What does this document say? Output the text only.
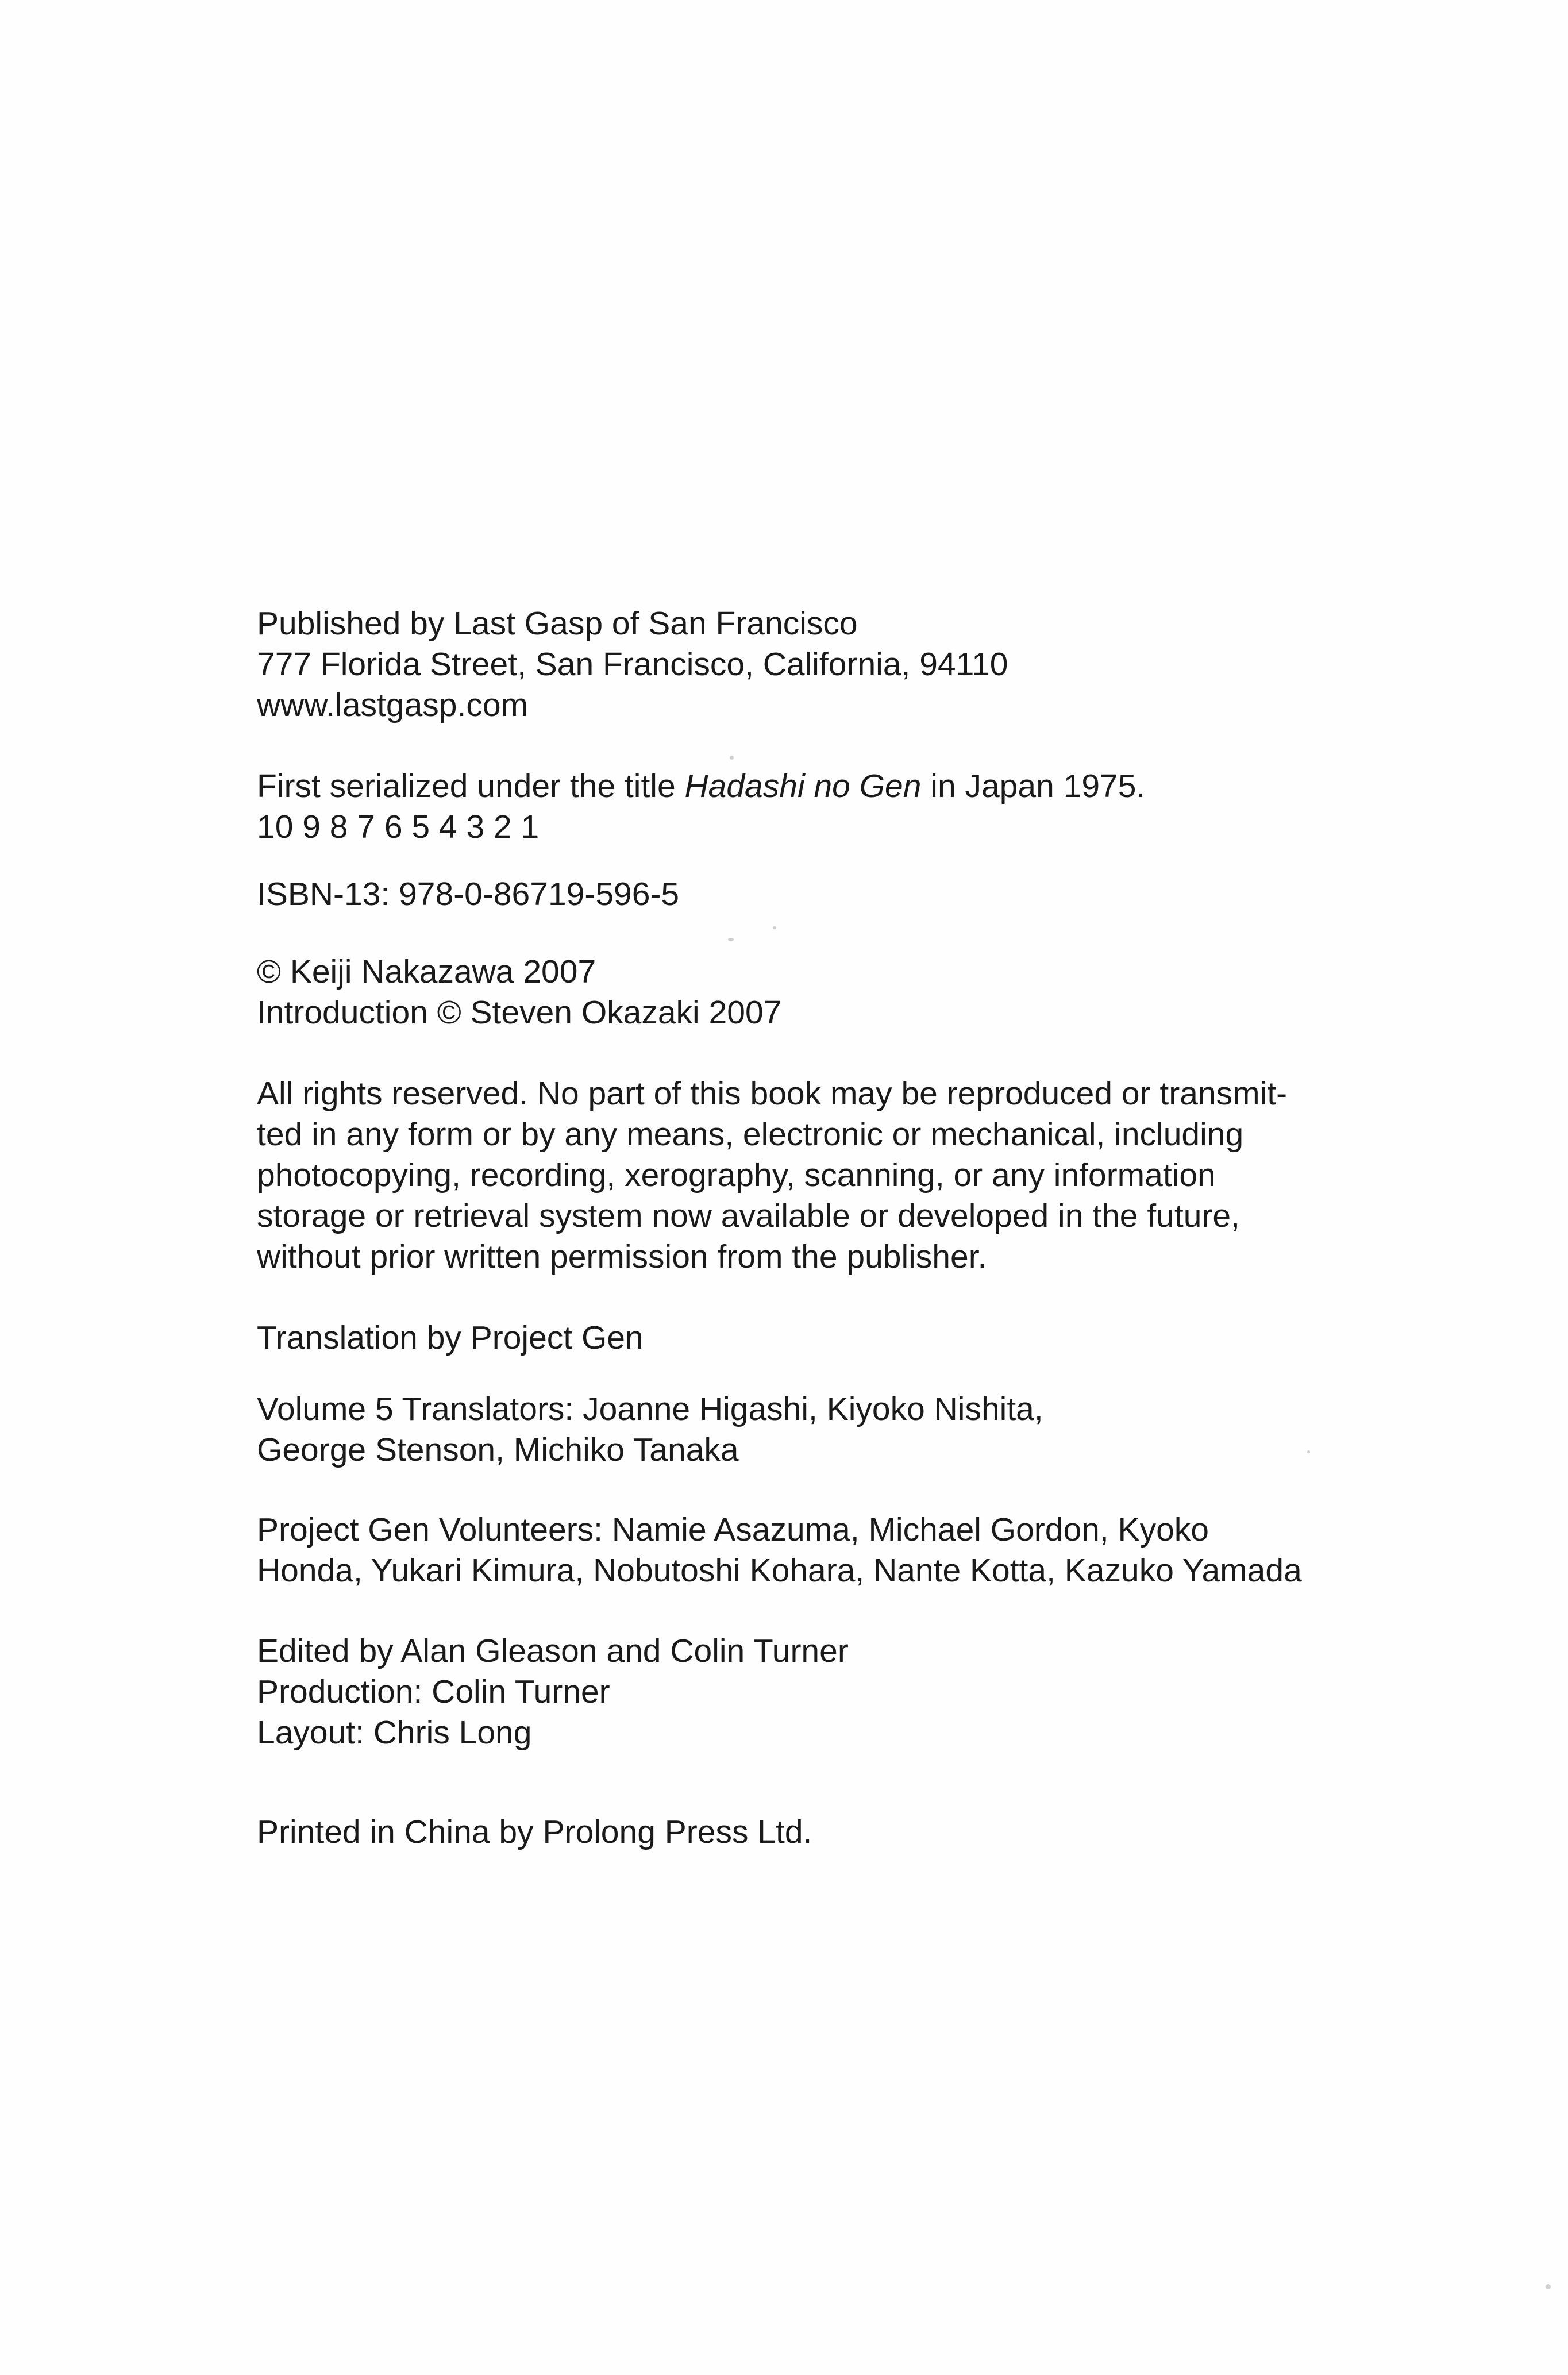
Published by Last Gasp of San Francisco
777 Florida Street, San Francisco, California, 94110
www.lastgasp.com
First serialized under the title Hadashi no Gen in Japan 1975.
10 9 8 7 6 5 4 3 2 1
ISBN-13: 978-0-86719-596-5
© Keiji Nakazawa 2007
Introduction © Steven Okazaki 2007
All rights reserved. No part of this book may be reproduced or transmit-
ted in any form or by any means, electronic or mechanical, including
photocopying, recording, xerography, scanning, or any information
storage or retrieval system now available or developed in the future,
without prior written permission from the publisher.
Translation by Project Gen
Volume 5 Translators: Joanne Higashi, Kiyoko Nishita,
George Stenson, Michiko Tanaka
Project Gen Volunteers: Namie Asazuma, Michael Gordon, Kyoko
Honda, Yukari Kimura, Nobutoshi Kohara, Nante Kotta, Kazuko Yamada
Edited by Alan Gleason and Colin Turner
Production: Colin Turner
Layout: Chris Long
Printed in China by Prolong Press Ltd.
